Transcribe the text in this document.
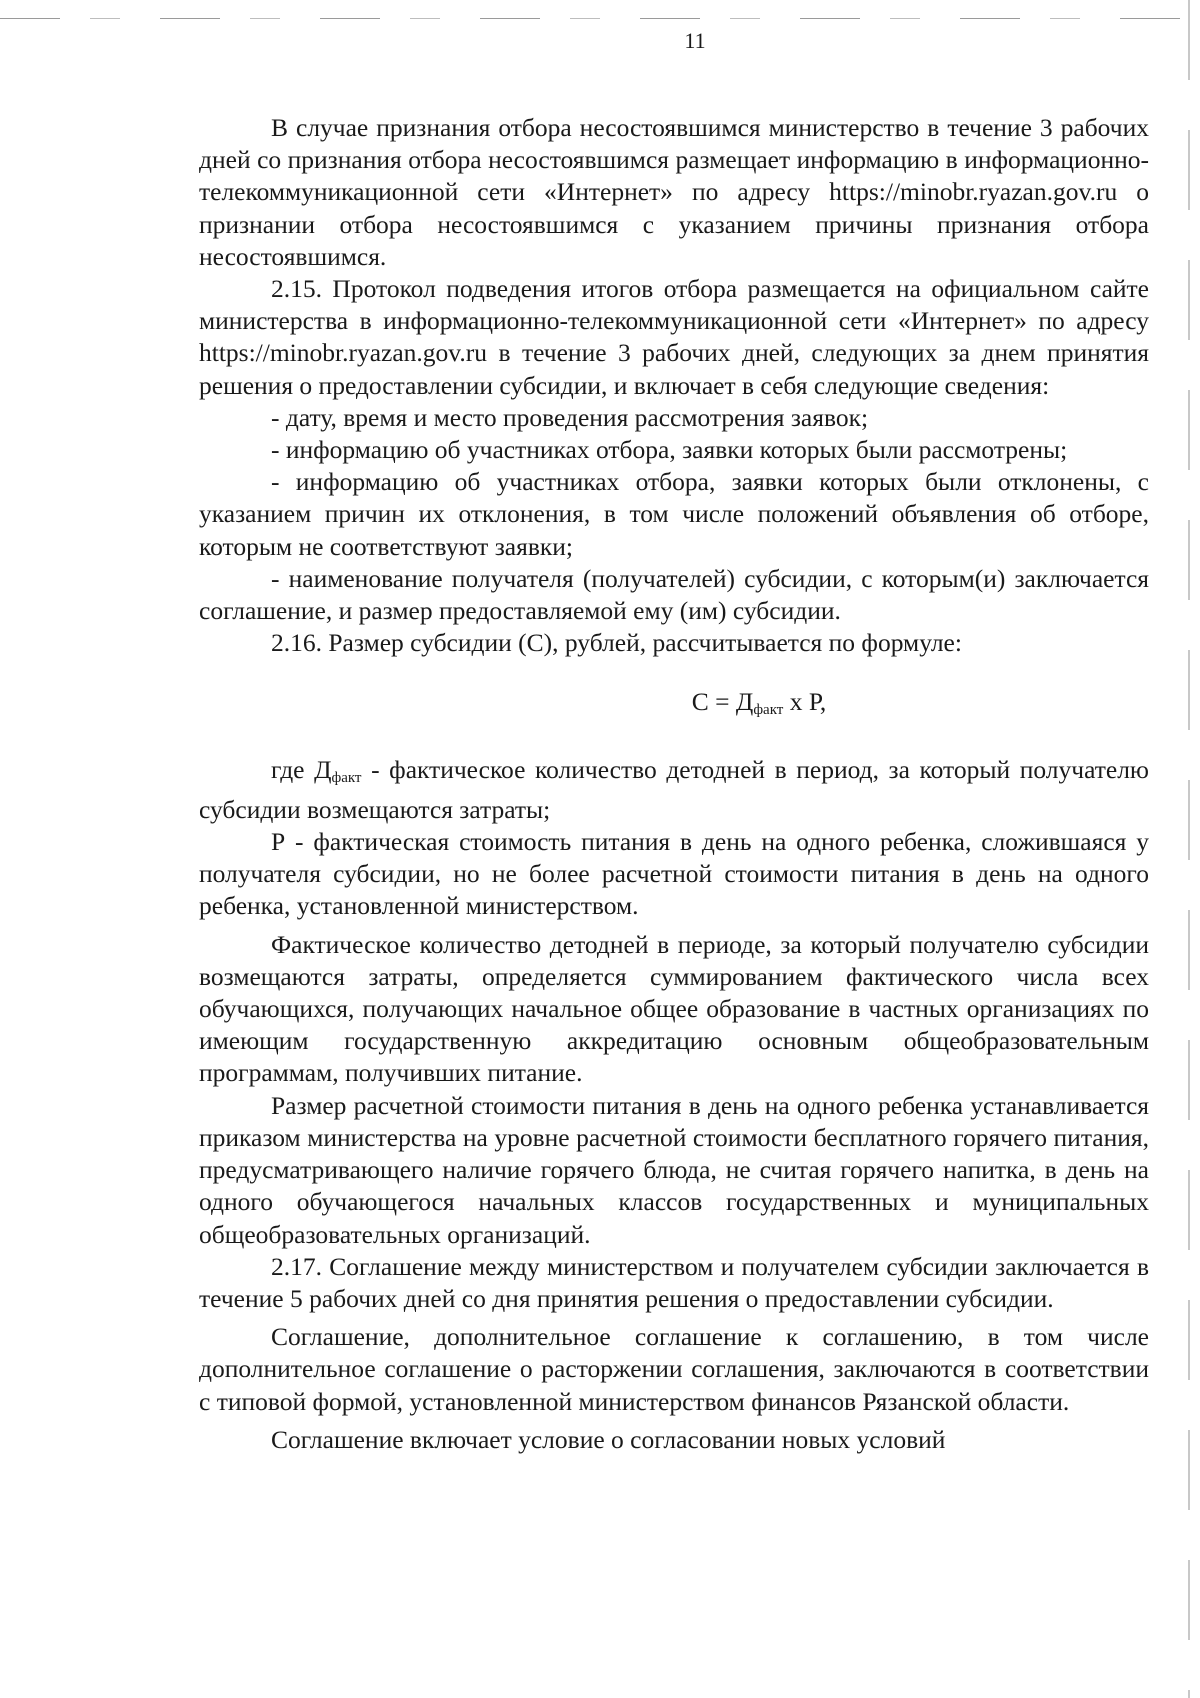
11

В случае признания отбора несостоявшимся министерство в течение 3 рабочих дней со признания отбора несостоявшимся размещает информацию в информационно-телекоммуникационной сети «Интернет» по адресу https://minobr.ryazan.gov.ru о признании отбора несостоявшимся с указанием причины признания отбора несостоявшимся.

2.15. Протокол подведения итогов отбора размещается на официальном сайте министерства в информационно-телекоммуникационной сети «Интернет» по адресу https://minobr.ryazan.gov.ru в течение 3 рабочих дней, следующих за днем принятия решения о предоставлении субсидии, и включает в себя следующие сведения:

- дату, время и место проведения рассмотрения заявок;

- информацию об участниках отбора, заявки которых были рассмотрены;

- информацию об участниках отбора, заявки которых были отклонены, с указанием причин их отклонения, в том числе положений объявления об отборе, которым не соответствуют заявки;

- наименование получателя (получателей) субсидии, с которым(и) заключается соглашение, и размер предоставляемой ему (им) субсидии.

2.16. Размер субсидии (С), рублей, рассчитывается по формуле:

$С = Д_{факт}$ х Р,

где $Д_{факт}$ - фактическое количество детодней в период, за который получателю субсидии возмещаются затраты;

Р - фактическая стоимость питания в день на одного ребенка, сложившаяся у получателя субсидии, но не более расчетной стоимости питания в день на одного ребенка, установленной министерством.

Фактическое количество детодней в периоде, за который получателю субсидии возмещаются затраты, определяется суммированием фактического числа всех обучающихся, получающих начальное общее образование в частных организациях по имеющим государственную аккредитацию основным общеобразовательным программам, получивших питание.

Размер расчетной стоимости питания в день на одного ребенка устанавливается приказом министерства на уровне расчетной стоимости бесплатного горячего питания, предусматривающего наличие горячего блюда, не считая горячего напитка, в день на одного обучающегося начальных классов государственных и муниципальных общеобразовательных организаций.

2.17. Соглашение между министерством и получателем субсидии заключается в течение 5 рабочих дней со дня принятия решения о предоставлении субсидии.

Соглашение, дополнительное соглашение к соглашению, в том числе дополнительное соглашение о расторжении соглашения, заключаются в соответствии с типовой формой, установленной министерством финансов Рязанской области.

Соглашение включает условие о согласовании новых условий
